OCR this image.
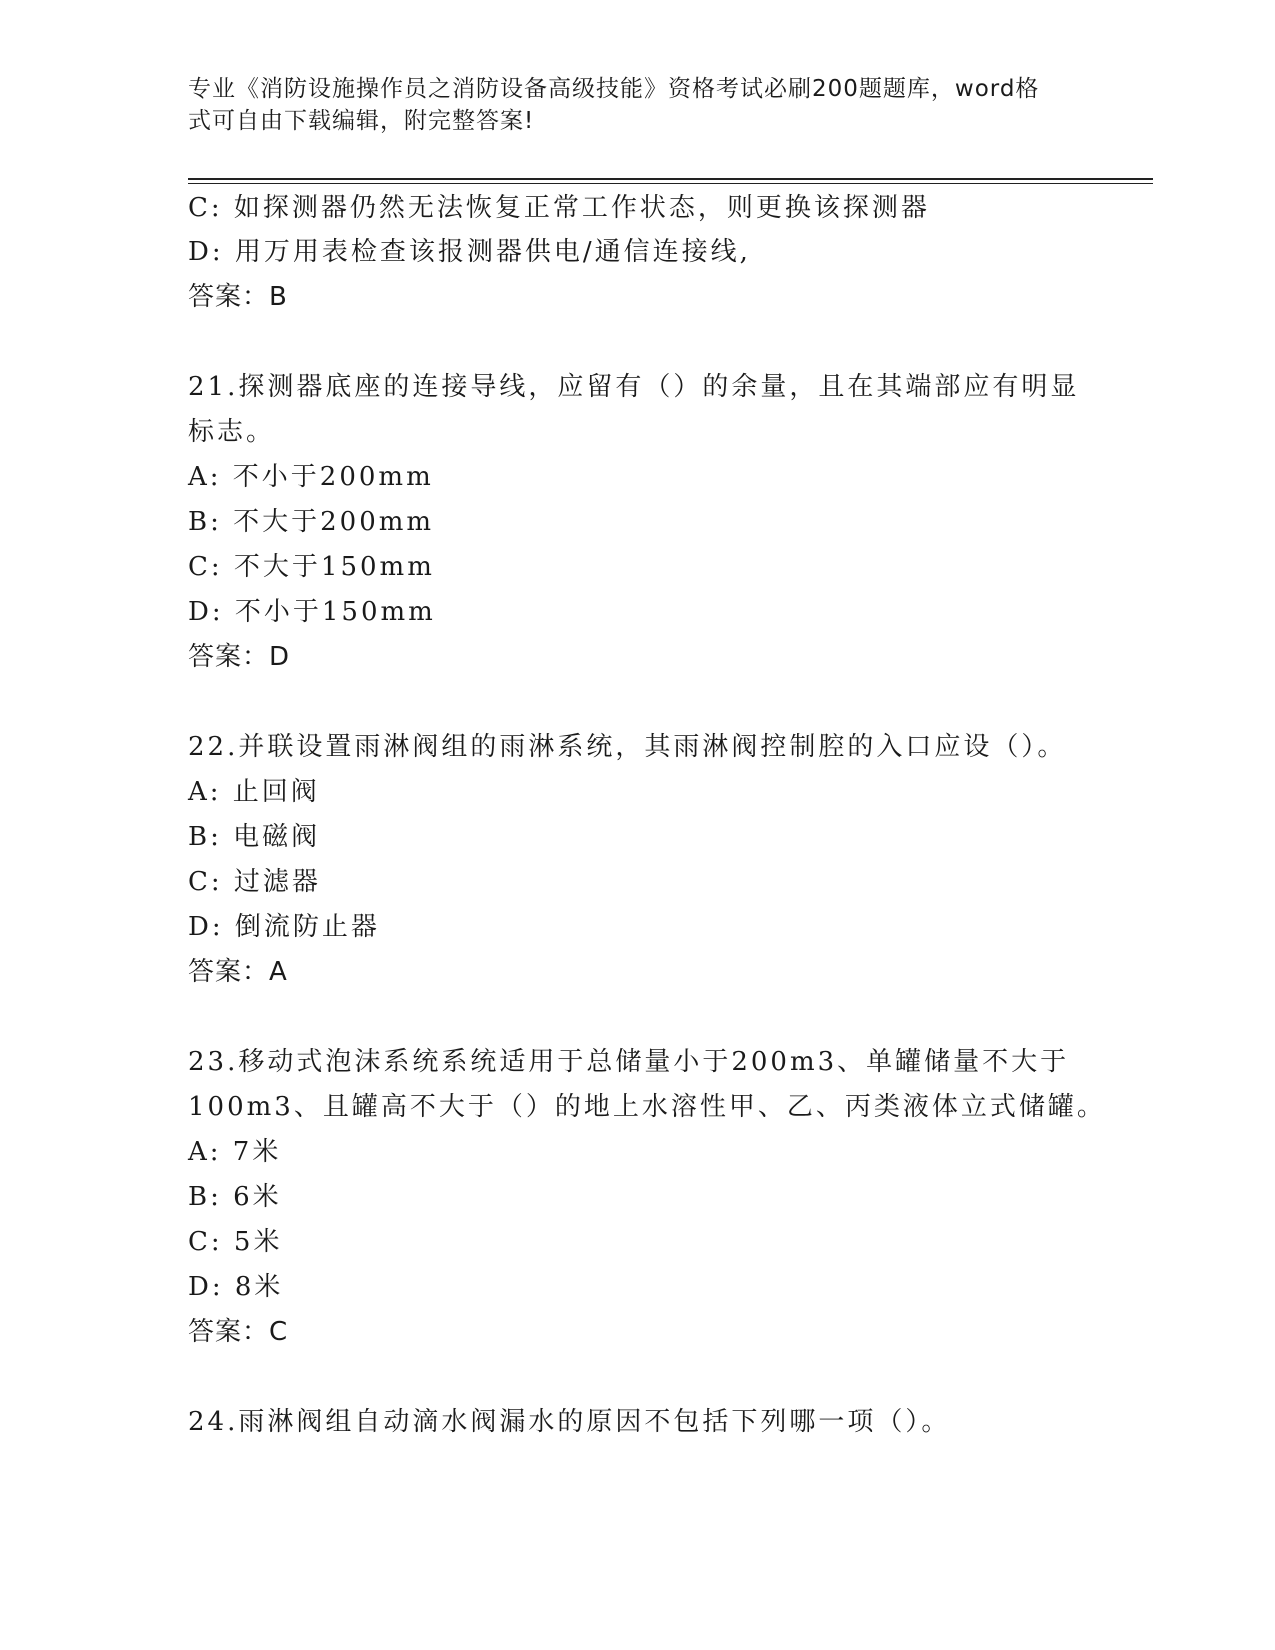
专业《消防设施操作员之消防设备高级技能》资格考试必刷200题题库，word格
式可自由下载编辑，附完整答案!
C: 如探测器仍然无法恢复正常工作状态，则更换该探测器
D: 用万用表检查该报测器供电/通信连接线,
答案：B
21.探测器底座的连接导线，应留有（）的余量，且在其端部应有明显
标志。
A: 不小于200mm
B: 不大于200mm
C: 不大于150mm
D: 不小于150mm
答案：D
22.并联设置雨淋阀组的雨淋系统，其雨淋阀控制腔的入口应设（）。
A: 止回阀
B: 电磁阀
C: 过滤器
D: 倒流防止器
答案：A
23.移动式泡沫系统系统适用于总储量小于200m3、单罐储量不大于
100m3、且罐高不大于（）的地上水溶性甲、乙、丙类液体立式储罐。
A: 7米
B: 6米
C: 5米
D: 8米
答案：C
24.雨淋阀组自动滴水阀漏水的原因不包括下列哪一项（）。
